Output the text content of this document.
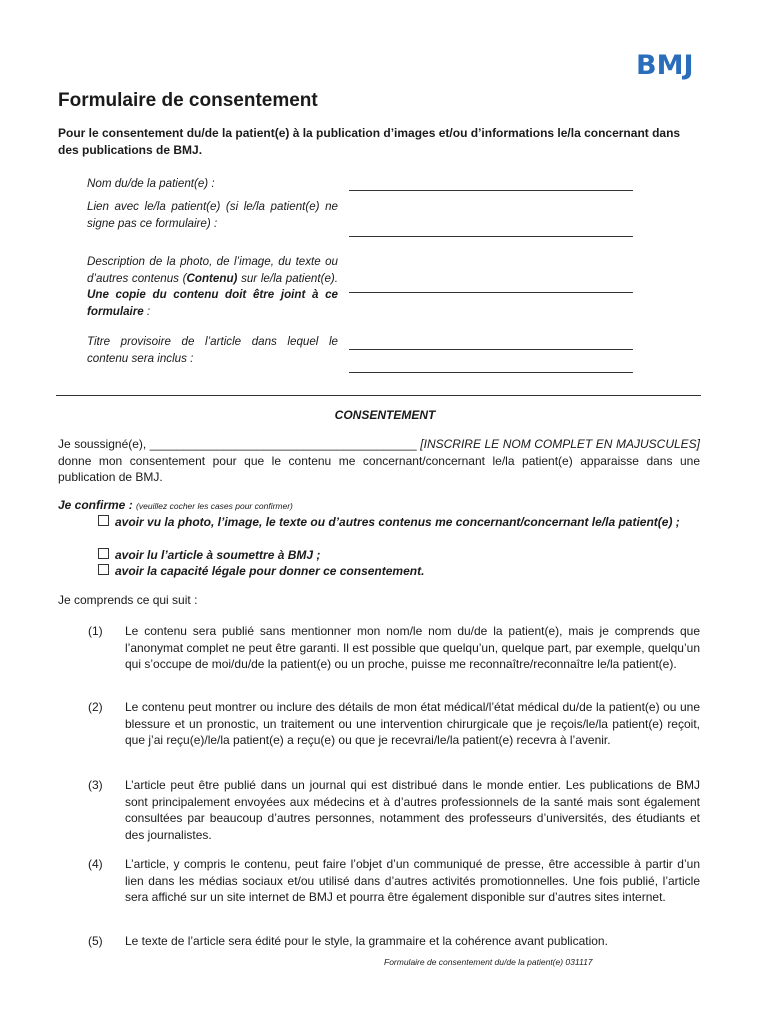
BMJ
Formulaire de consentement
Pour le consentement du/de la patient(e) à la publication d’images et/ou d’informations le/la concernant dans des publications de BMJ.
Nom du/de la patient(e) :
Lien avec le/la patient(e) (si le/la patient(e) ne signe pas ce formulaire) :
Description de la photo, de l’image, du texte ou d’autres contenus (Contenu) sur le/la patient(e). Une copie du contenu doit être joint à ce formulaire :
Titre provisoire de l’article dans lequel le contenu sera inclus :
CONSENTEMENT
Je soussigné(e), ________________________________________ [INSCRIRE LE NOM COMPLET EN MAJUSCULES] donne mon consentement pour que le contenu me concernant/concernant le/la patient(e) apparaisse dans une publication de BMJ.
Je confirme : (veuillez cocher les cases pour confirmer)
avoir vu la photo, l’image, le texte ou d’autres contenus me concernant/concernant le/la patient(e) ;
avoir lu l’article à soumettre à BMJ ;
avoir la capacité légale pour donner ce consentement.
Je comprends ce qui suit :
(1) Le contenu sera publié sans mentionner mon nom/le nom du/de la patient(e), mais je comprends que l’anonymat complet ne peut être garanti. Il est possible que quelqu’un, quelque part, par exemple, quelqu’un qui s’occupe de moi/du/de la patient(e) ou un proche, puisse me reconnaître/reconnaître le/la patient(e).
(2) Le contenu peut montrer ou inclure des détails de mon état médical/l’état médical du/de la patient(e) ou une blessure et un pronostic, un traitement ou une intervention chirurgicale que je reçois/le/la patient(e) reçoit, que j’ai reçu(e)/le/la patient(e) a reçu(e) ou que je recevrai/le/la patient(e) recevra à l’avenir.
(3) L’article peut être publié dans un journal qui est distribué dans le monde entier. Les publications de BMJ sont principalement envoyées aux médecins et à d’autres professionnels de la santé mais sont également consultées par beaucoup d’autres personnes, notamment des professeurs d’universités, des étudiants et des journalistes.
(4) L’article, y compris le contenu, peut faire l’objet d’un communiqué de presse, être accessible à partir d’un lien dans les médias sociaux et/ou utilisé dans d’autres activités promotionnelles. Une fois publié, l’article sera affiché sur un site internet de BMJ et pourra être également disponible sur d’autres sites internet.
(5) Le texte de l’article sera édité pour le style, la grammaire et la cohérence avant publication.
Formulaire de consentement du/de la patient(e) 031117
